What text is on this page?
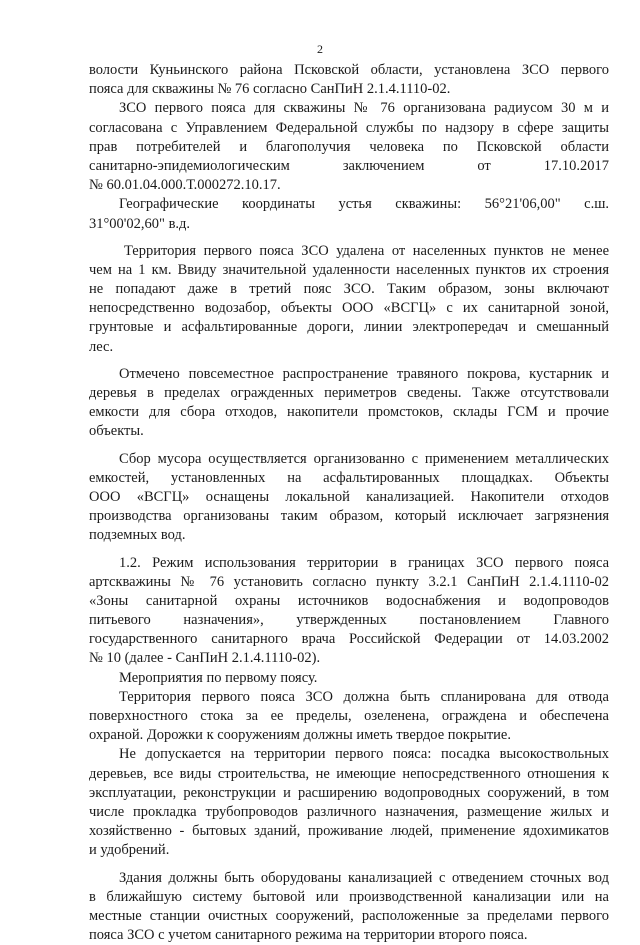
2
волости Куньинского района Псковской области, установлена ЗСО первого
пояса для скважины № 76 согласно СанПиН 2.1.4.1110-02.
ЗСО первого пояса для скважины № 76 организована радиусом 30 м и
согласована с Управлением Федеральной службы по надзору в сфере защиты
прав потребителей и благополучия человека по Псковской области
санитарно-эпидемиологическим заключением от 17.10.2017
№ 60.01.04.000.Т.000272.10.17.
Географические координаты устья скважины: 56°21'06,00" с.ш.
31°00'02,60" в.д.
Территория первого пояса ЗСО удалена от населенных пунктов не менее
чем на 1 км. Ввиду значительной удаленности населенных пунктов их строения
не попадают даже в третий пояс ЗСО. Таким образом, зоны включают
непосредственно водозабор, объекты ООО «ВСГЦ» с их санитарной зоной,
грунтовые и асфальтированные дороги, линии электропередач и смешанный
лес.
Отмечено повсеместное распространение травяного покрова, кустарник и
деревья в пределах огражденных периметров сведены. Также отсутствовали
емкости для сбора отходов, накопители промстоков, склады ГСМ и прочие
объекты.
Сбор мусора осуществляется организованно с применением металлических
емкостей, установленных на асфальтированных площадках. Объекты
ООО «ВСГЦ» оснащены локальной канализацией. Накопители отходов
производства организованы таким образом, который исключает загрязнения
подземных вод.
1.2. Режим использования территории в границах ЗСО первого пояса
артскважины № 76 установить согласно пункту 3.2.1 СанПиН 2.1.4.1110-02
«Зоны санитарной охраны источников водоснабжения и водопроводов
питьевого назначения», утвержденных постановлением Главного
государственного санитарного врача Российской Федерации от 14.03.2002
№ 10 (далее - СанПиН 2.1.4.1110-02).
Мероприятия по первому поясу.
Территория первого пояса ЗСО должна быть спланирована для отвода
поверхностного стока за ее пределы, озеленена, ограждена и обеспечена
охраной. Дорожки к сооружениям должны иметь твердое покрытие.
Не допускается на территории первого пояса: посадка высокоствольных
деревьев, все виды строительства, не имеющие непосредственного отношения к
эксплуатации, реконструкции и расширению водопроводных сооружений, в том
числе прокладка трубопроводов различного назначения, размещение жилых и
хозяйственно - бытовых зданий, проживание людей, применение ядохимикатов
и удобрений.
Здания должны быть оборудованы канализацией с отведением сточных вод
в ближайшую систему бытовой или производственной канализации или на
местные станции очистных сооружений, расположенные за пределами первого
пояса ЗСО с учетом санитарного режима на территории второго пояса.
